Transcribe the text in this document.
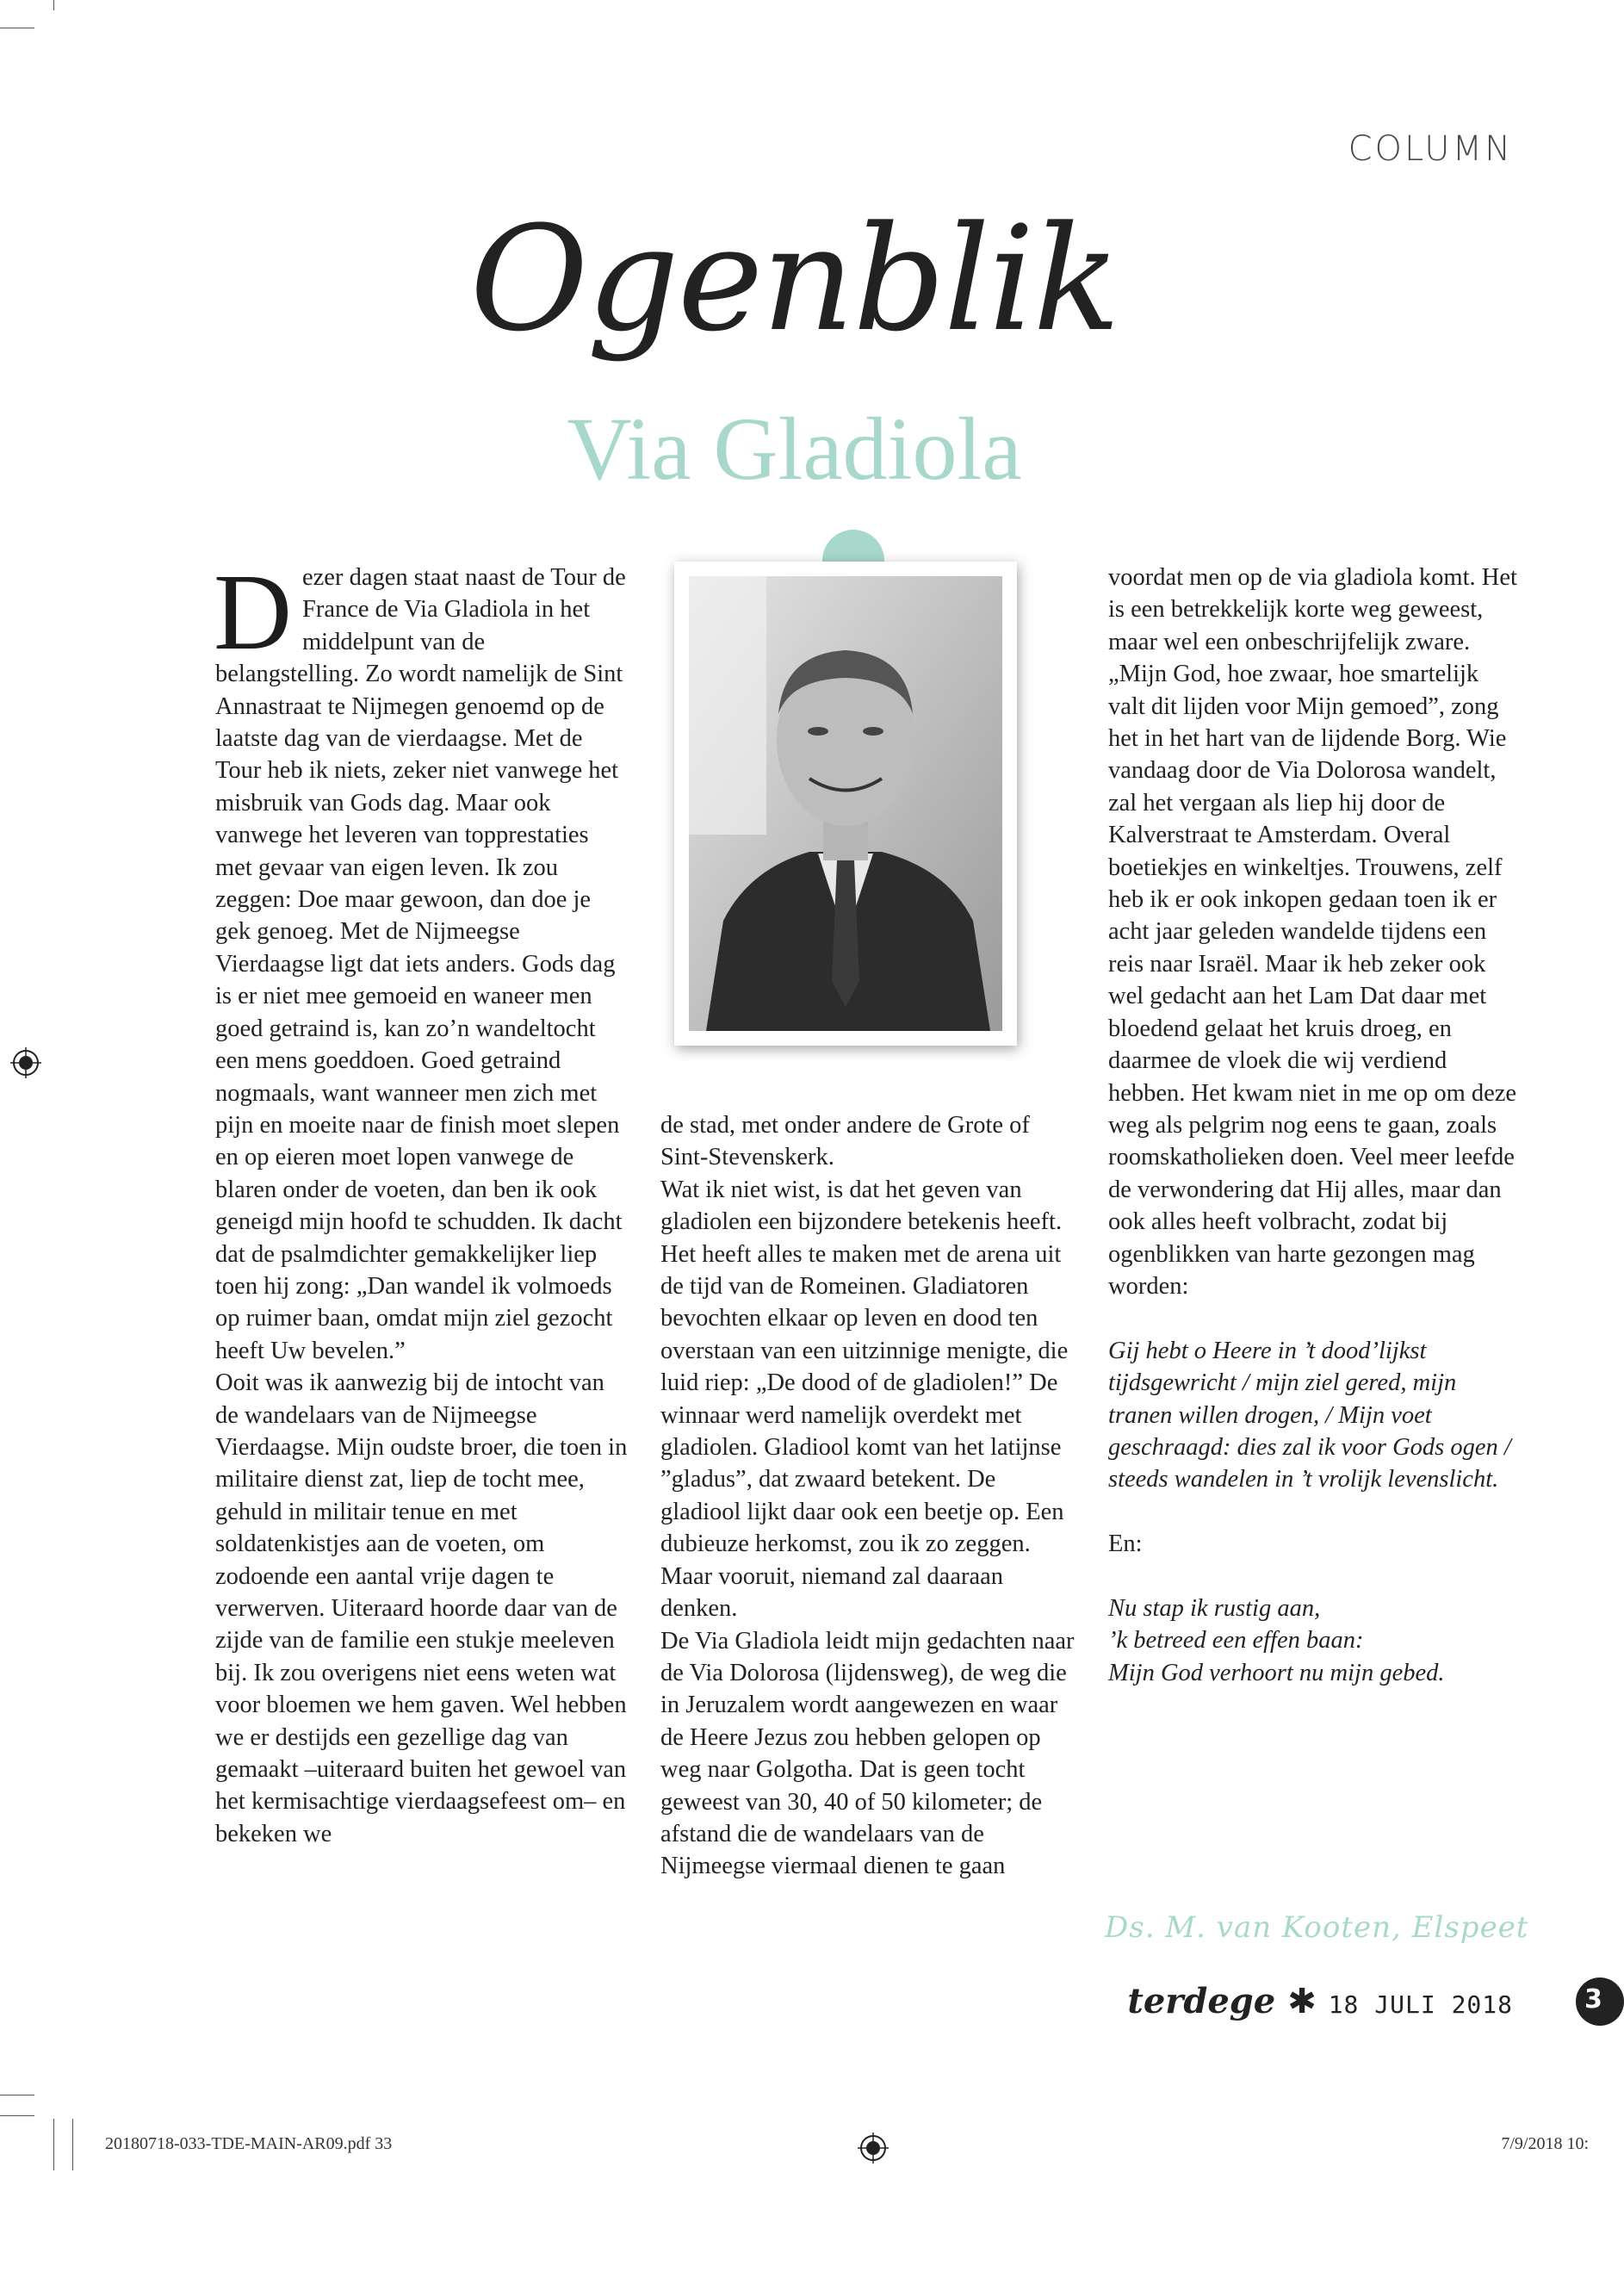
COLUMN
Ogenblik
Via Gladiola

Dezer dagen staat naast de Tour de France de Via Gladiola in het middelpunt van de belangstelling. Zo wordt namelijk de Sint Annastraat te Nijmegen genoemd op de laatste dag van de vierdaagse. Met de Tour heb ik niets, zeker niet vanwege het misbruik van Gods dag. Maar ook vanwege het leveren van topprestaties met gevaar van eigen leven. Ik zou zeggen: Doe maar gewoon, dan doe je gek genoeg. Met de Nijmeegse Vierdaagse ligt dat iets anders. Gods dag is er niet mee gemoeid en waneer men goed getraind is, kan zo’n wandeltocht een mens goeddoen. Goed getraind nogmaals, want wanneer men zich met pijn en moeite naar de finish moet slepen en op eieren moet lopen vanwege de blaren onder de voeten, dan ben ik ook geneigd mijn hoofd te schudden. Ik dacht dat de psalmdichter gemakkelijker liep toen hij zong: „Dan wandel ik volmoeds op ruimer baan, omdat mijn ziel gezocht heeft Uw bevelen.”

Ooit was ik aanwezig bij de intocht van de wandelaars van de Nijmeegse Vierdaagse. Mijn oudste broer, die toen in militaire dienst zat, liep de tocht mee, gehuld in militair tenue en met soldatenkistjes aan de voeten, om zodoende een aantal vrije dagen te verwerven. Uiteraard hoorde daar van de zijde van de familie een stukje meeleven bij. Ik zou overigens niet eens weten wat voor bloemen we hem gaven. Wel hebben we er destijds een gezellige dag van gemaakt –uiteraard buiten het gewoel van het kermisachtige vierdaagsefeest om– en bekeken we

de stad, met onder andere de Grote of Sint-Stevenskerk.

Wat ik niet wist, is dat het geven van gladiolen een bijzondere betekenis heeft. Het heeft alles te maken met de arena uit de tijd van de Romeinen. Gladiatoren bevochten elkaar op leven en dood ten overstaan van een uitzinnige menigte, die luid riep: „De dood of de gladiolen!” De winnaar werd namelijk overdekt met gladiolen. Gladiool komt van het latijnse ”gladus”, dat zwaard betekent. De gladiool lijkt daar ook een beetje op. Een dubieuze herkomst, zou ik zo zeggen. Maar vooruit, niemand zal daaraan denken.

De Via Gladiola leidt mijn gedachten naar de Via Dolorosa (lijdensweg), de weg die in Jeruzalem wordt aangewezen en waar de Heere Jezus zou hebben gelopen op weg naar Golgotha. Dat is geen tocht geweest van 30, 40 of 50 kilometer; de afstand die de wandelaars van de Nijmeegse viermaal dienen te gaan

voordat men op de via gladiola komt. Het is een betrekkelijk korte weg geweest, maar wel een onbeschrijfelijk zware. „Mijn God, hoe zwaar, hoe smartelijk valt dit lijden voor Mijn gemoed”, zong het in het hart van de lijdende Borg. Wie vandaag door de Via Dolorosa wandelt, zal het vergaan als liep hij door de Kalverstraat te Amsterdam. Overal boetiekjes en winkeltjes. Trouwens, zelf heb ik er ook inkopen gedaan toen ik er acht jaar geleden wandelde tijdens een reis naar Israël. Maar ik heb zeker ook wel gedacht aan het Lam Dat daar met bloedend gelaat het kruis droeg, en daarmee de vloek die wij verdiend hebben. Het kwam niet in me op om deze weg als pelgrim nog eens te gaan, zoals roomskatholieken doen. Veel meer leefde de verwondering dat Hij alles, maar dan ook alles heeft volbracht, zodat bij ogenblikken van harte gezongen mag worden:

Gij hebt o Heere in ’t dood’lijkst tijdsgewricht / mijn ziel gered, mijn tranen willen drogen, / Mijn voet geschraagd: dies zal ik voor Gods ogen / steeds wandelen in ’t vrolijk levenslicht.

En:

Nu stap ik rustig aan,

’k betreed een effen baan:

Mijn God verhoort nu mijn gebed.

Ds. M. van Kooten, Elspeet
terdege ✱ 18 JULI 2018	3
20180718-033-TDE-MAIN-AR09.pdf 33	7/9/2018 10:
